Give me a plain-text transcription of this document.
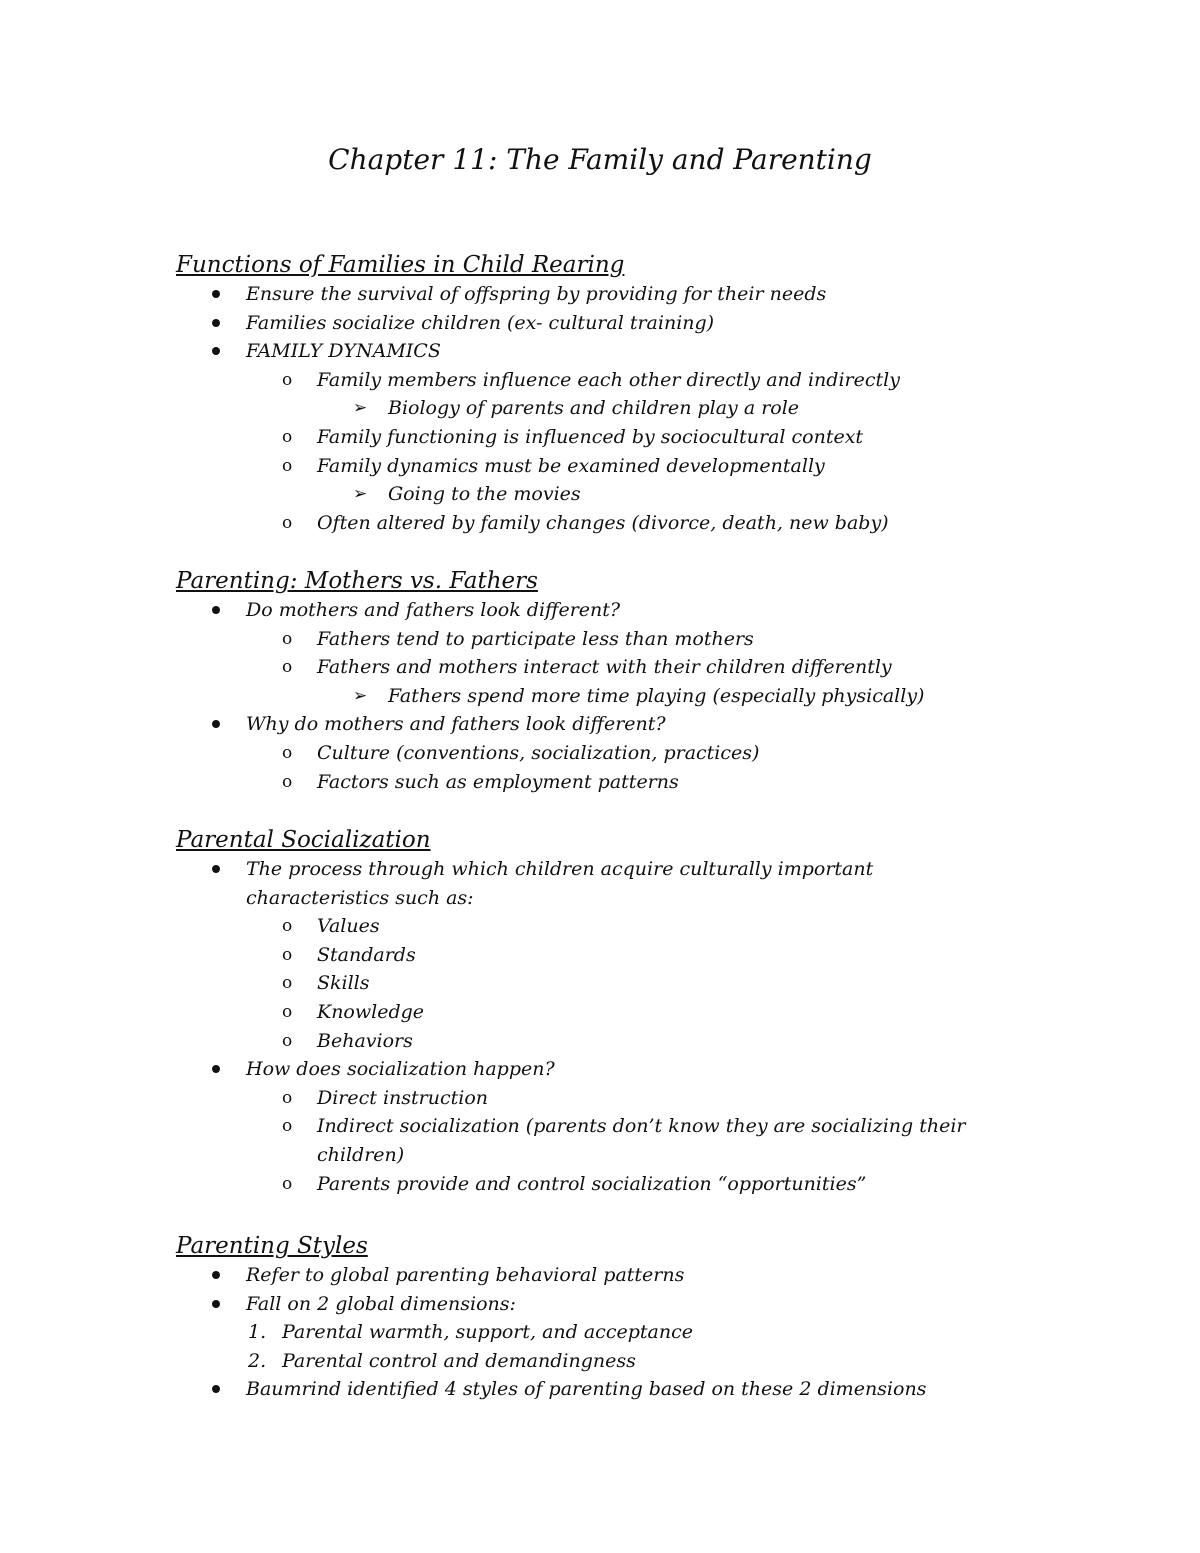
Chapter 11: The Family and Parenting
Functions of Families in Child Rearing
Ensure the survival of offspring by providing for their needs
Families socialize children (ex- cultural training)
FAMILY DYNAMICS
o Family members influence each other directly and indirectly
➢ Biology of parents and children play a role
o Family functioning is influenced by sociocultural context
o Family dynamics must be examined developmentally
➢ Going to the movies
o Often altered by family changes (divorce, death, new baby)
Parenting: Mothers vs. Fathers
Do mothers and fathers look different?
o Fathers tend to participate less than mothers
o Fathers and mothers interact with their children differently
➢ Fathers spend more time playing (especially physically)
Why do mothers and fathers look different?
o Culture (conventions, socialization, practices)
o Factors such as employment patterns
Parental Socialization
The process through which children acquire culturally important characteristics such as:
o Values
o Standards
o Skills
o Knowledge
o Behaviors
How does socialization happen?
o Direct instruction
o Indirect socialization (parents don’t know they are socializing their children)
o Parents provide and control socialization “opportunities”
Parenting Styles
Refer to global parenting behavioral patterns
Fall on 2 global dimensions:
1. Parental warmth, support, and acceptance
2. Parental control and demandingness
Baumrind identified 4 styles of parenting based on these 2 dimensions
